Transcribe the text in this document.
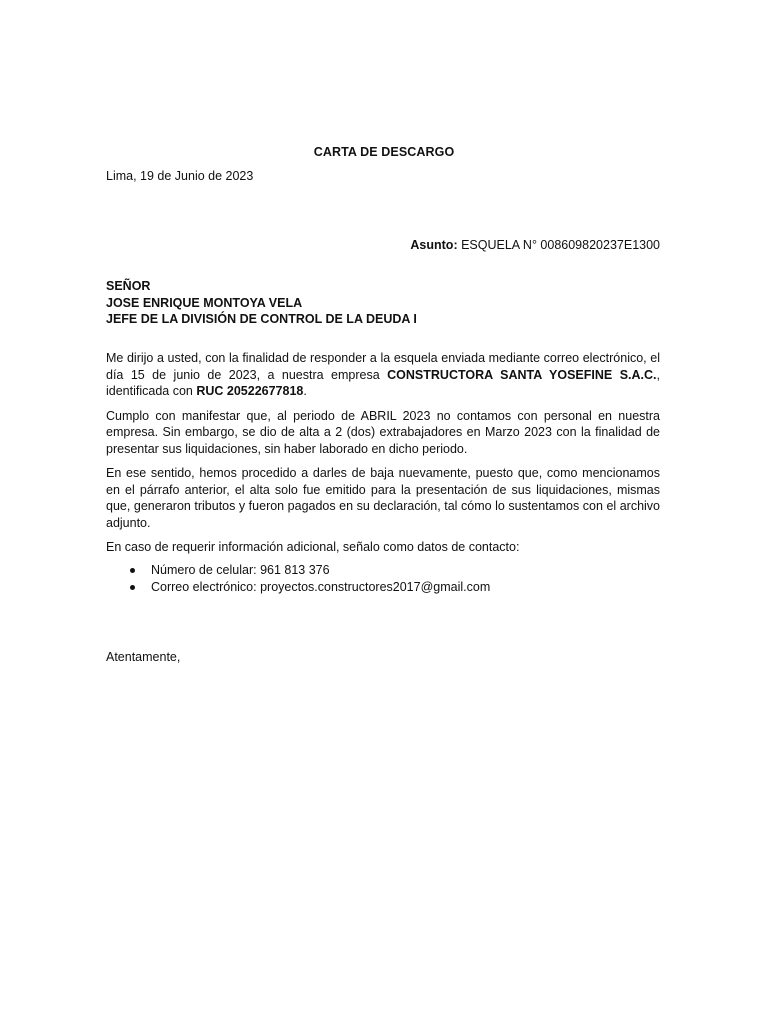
CARTA DE DESCARGO
Lima, 19 de Junio de 2023
Asunto: ESQUELA N° 008609820237E1300
SEÑOR
JOSE ENRIQUE MONTOYA VELA
JEFE DE LA DIVISIÓN DE CONTROL DE LA DEUDA I

Me dirijo a usted, con la finalidad de responder a la esquela enviada mediante correo electrónico, el día 15 de junio de 2023, a nuestra empresa CONSTRUCTORA SANTA YOSEFINE S.A.C., identificada con RUC 20522677818.

Cumplo con manifestar que, al periodo de ABRIL 2023 no contamos con personal en nuestra empresa. Sin embargo, se dio de alta a 2 (dos) extrabajadores en Marzo 2023 con la finalidad de presentar sus liquidaciones, sin haber laborado en dicho periodo.

En ese sentido, hemos procedido a darles de baja nuevamente, puesto que, como mencionamos en el párrafo anterior, el alta solo fue emitido para la presentación de sus liquidaciones, mismas que, generaron tributos y fueron pagados en su declaración, tal cómo lo sustentamos con el archivo adjunto.

En caso de requerir información adicional, señalo como datos de contacto:

Número de celular: 961 813 376
Correo electrónico: proyectos.constructores2017@gmail.com
Atentamente,
